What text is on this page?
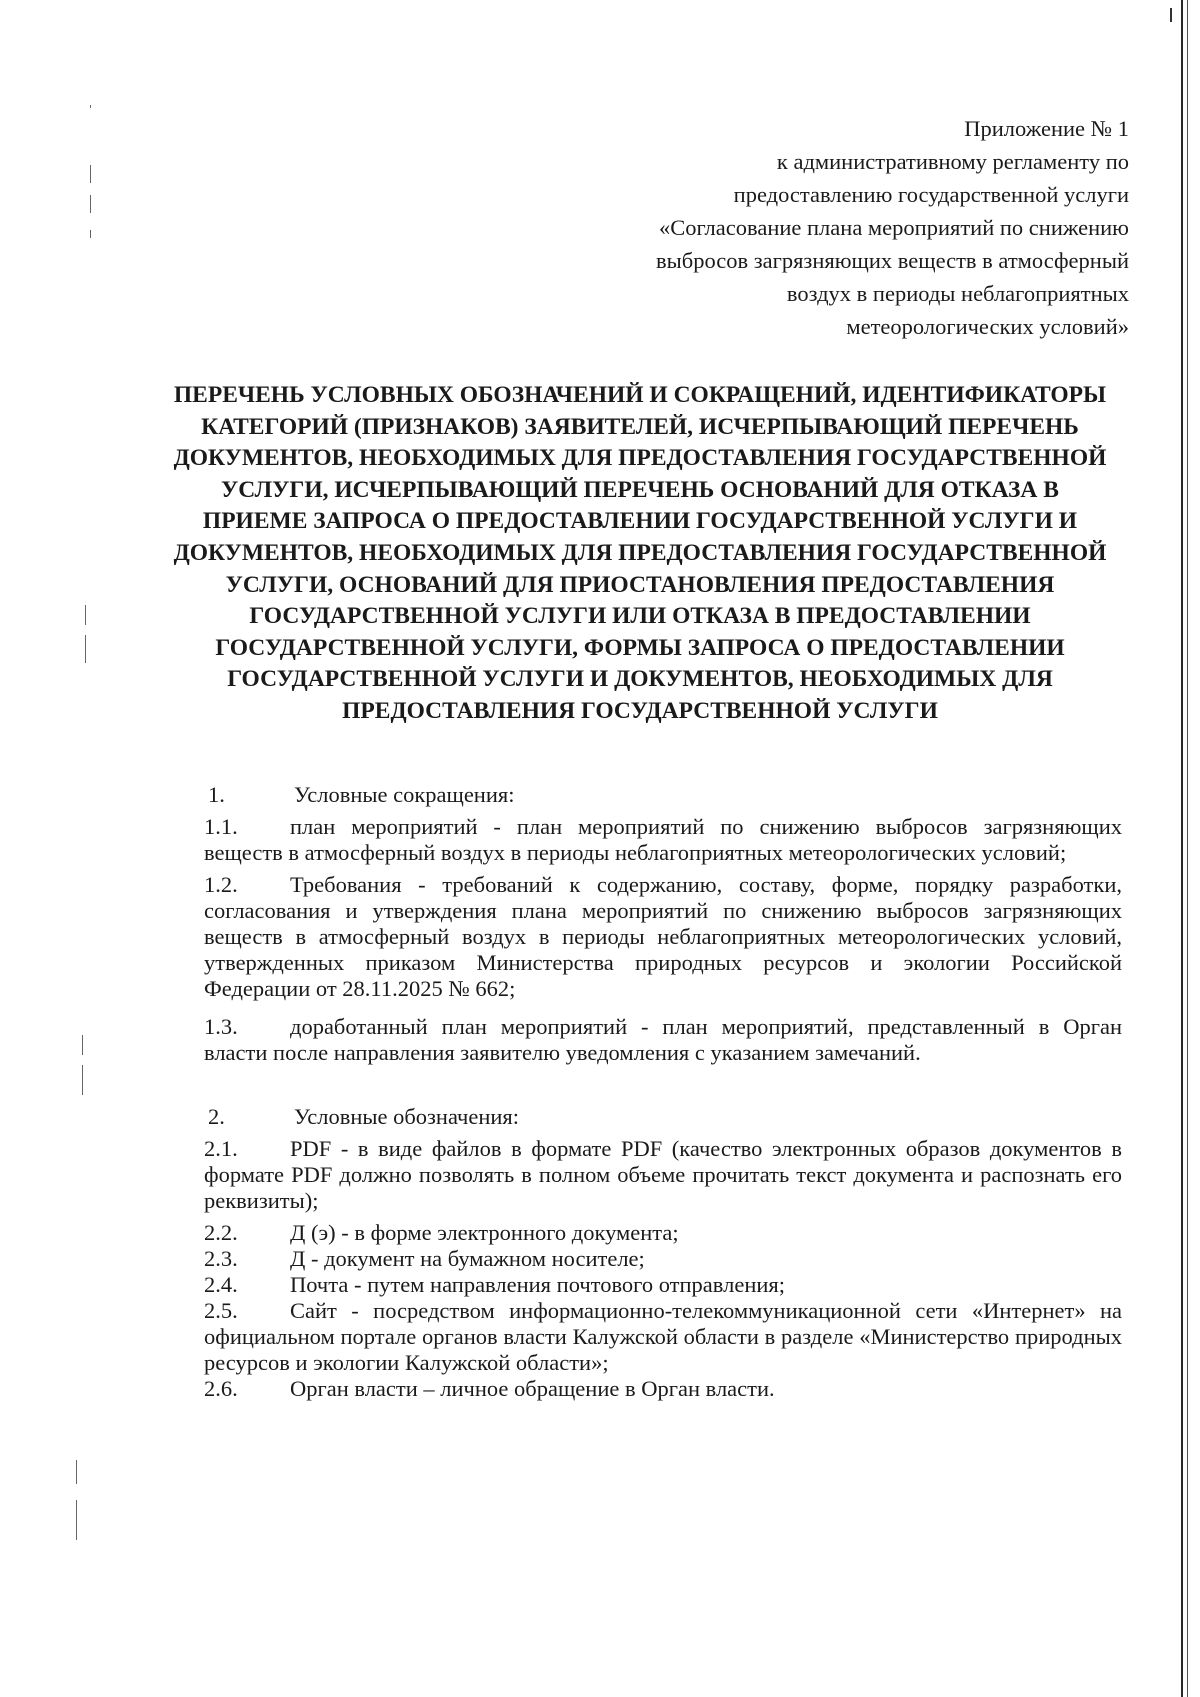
Приложение № 1
к административному регламенту по
предоставлению государственной услуги
«Согласование плана мероприятий по снижению
выбросов загрязняющих веществ в атмосферный
воздух в периоды неблагоприятных
метеорологических условий»
ПЕРЕЧЕНЬ УСЛОВНЫХ ОБОЗНАЧЕНИЙ И СОКРАЩЕНИЙ, ИДЕНТИФИКАТОРЫ
КАТЕГОРИЙ (ПРИЗНАКОВ) ЗАЯВИТЕЛЕЙ, ИСЧЕРПЫВАЮЩИЙ ПЕРЕЧЕНЬ
ДОКУМЕНТОВ, НЕОБХОДИМЫХ ДЛЯ ПРЕДОСТАВЛЕНИЯ ГОСУДАРСТВЕННОЙ
УСЛУГИ, ИСЧЕРПЫВАЮЩИЙ ПЕРЕЧЕНЬ ОСНОВАНИЙ ДЛЯ ОТКАЗА В
ПРИЕМЕ ЗАПРОСА О ПРЕДОСТАВЛЕНИИ ГОСУДАРСТВЕННОЙ УСЛУГИ И
ДОКУМЕНТОВ, НЕОБХОДИМЫХ ДЛЯ ПРЕДОСТАВЛЕНИЯ ГОСУДАРСТВЕННОЙ
УСЛУГИ, ОСНОВАНИЙ ДЛЯ ПРИОСТАНОВЛЕНИЯ ПРЕДОСТАВЛЕНИЯ
ГОСУДАРСТВЕННОЙ УСЛУГИ ИЛИ ОТКАЗА В ПРЕДОСТАВЛЕНИИ
ГОСУДАРСТВЕННОЙ УСЛУГИ, ФОРМЫ ЗАПРОСА О ПРЕДОСТАВЛЕНИИ
ГОСУДАРСТВЕННОЙ УСЛУГИ И ДОКУМЕНТОВ, НЕОБХОДИМЫХ ДЛЯ
ПРЕДОСТАВЛЕНИЯ ГОСУДАРСТВЕННОЙ УСЛУГИ
1.	Условные сокращения:
1.1. план мероприятий - план мероприятий по снижению выбросов загрязняющих веществ в атмосферный воздух в периоды неблагоприятных метеорологических условий;
1.2. Требования - требований к содержанию, составу, форме, порядку разработки, согласования и утверждения плана мероприятий по снижению выбросов загрязняющих веществ в атмосферный воздух в периоды неблагоприятных метеорологических условий, утвержденных приказом Министерства природных ресурсов и экологии Российской Федерации от 28.11.2025 № 662;
1.3. доработанный план мероприятий - план мероприятий, представленный в Орган власти после направления заявителю уведомления с указанием замечаний.
2.	Условные обозначения:
2.1. PDF - в виде файлов в формате PDF (качество электронных образов документов в формате PDF должно позволять в полном объеме прочитать текст документа и распознать его реквизиты);
2.2. Д (э) - в форме электронного документа;
2.3. Д - документ на бумажном носителе;
2.4. Почта - путем направления почтового отправления;
2.5. Сайт - посредством информационно-телекоммуникационной сети «Интернет» на официальном портале органов власти Калужской области в разделе «Министерство природных ресурсов и экологии Калужской области»;
2.6. Орган власти – личное обращение в Орган власти.
